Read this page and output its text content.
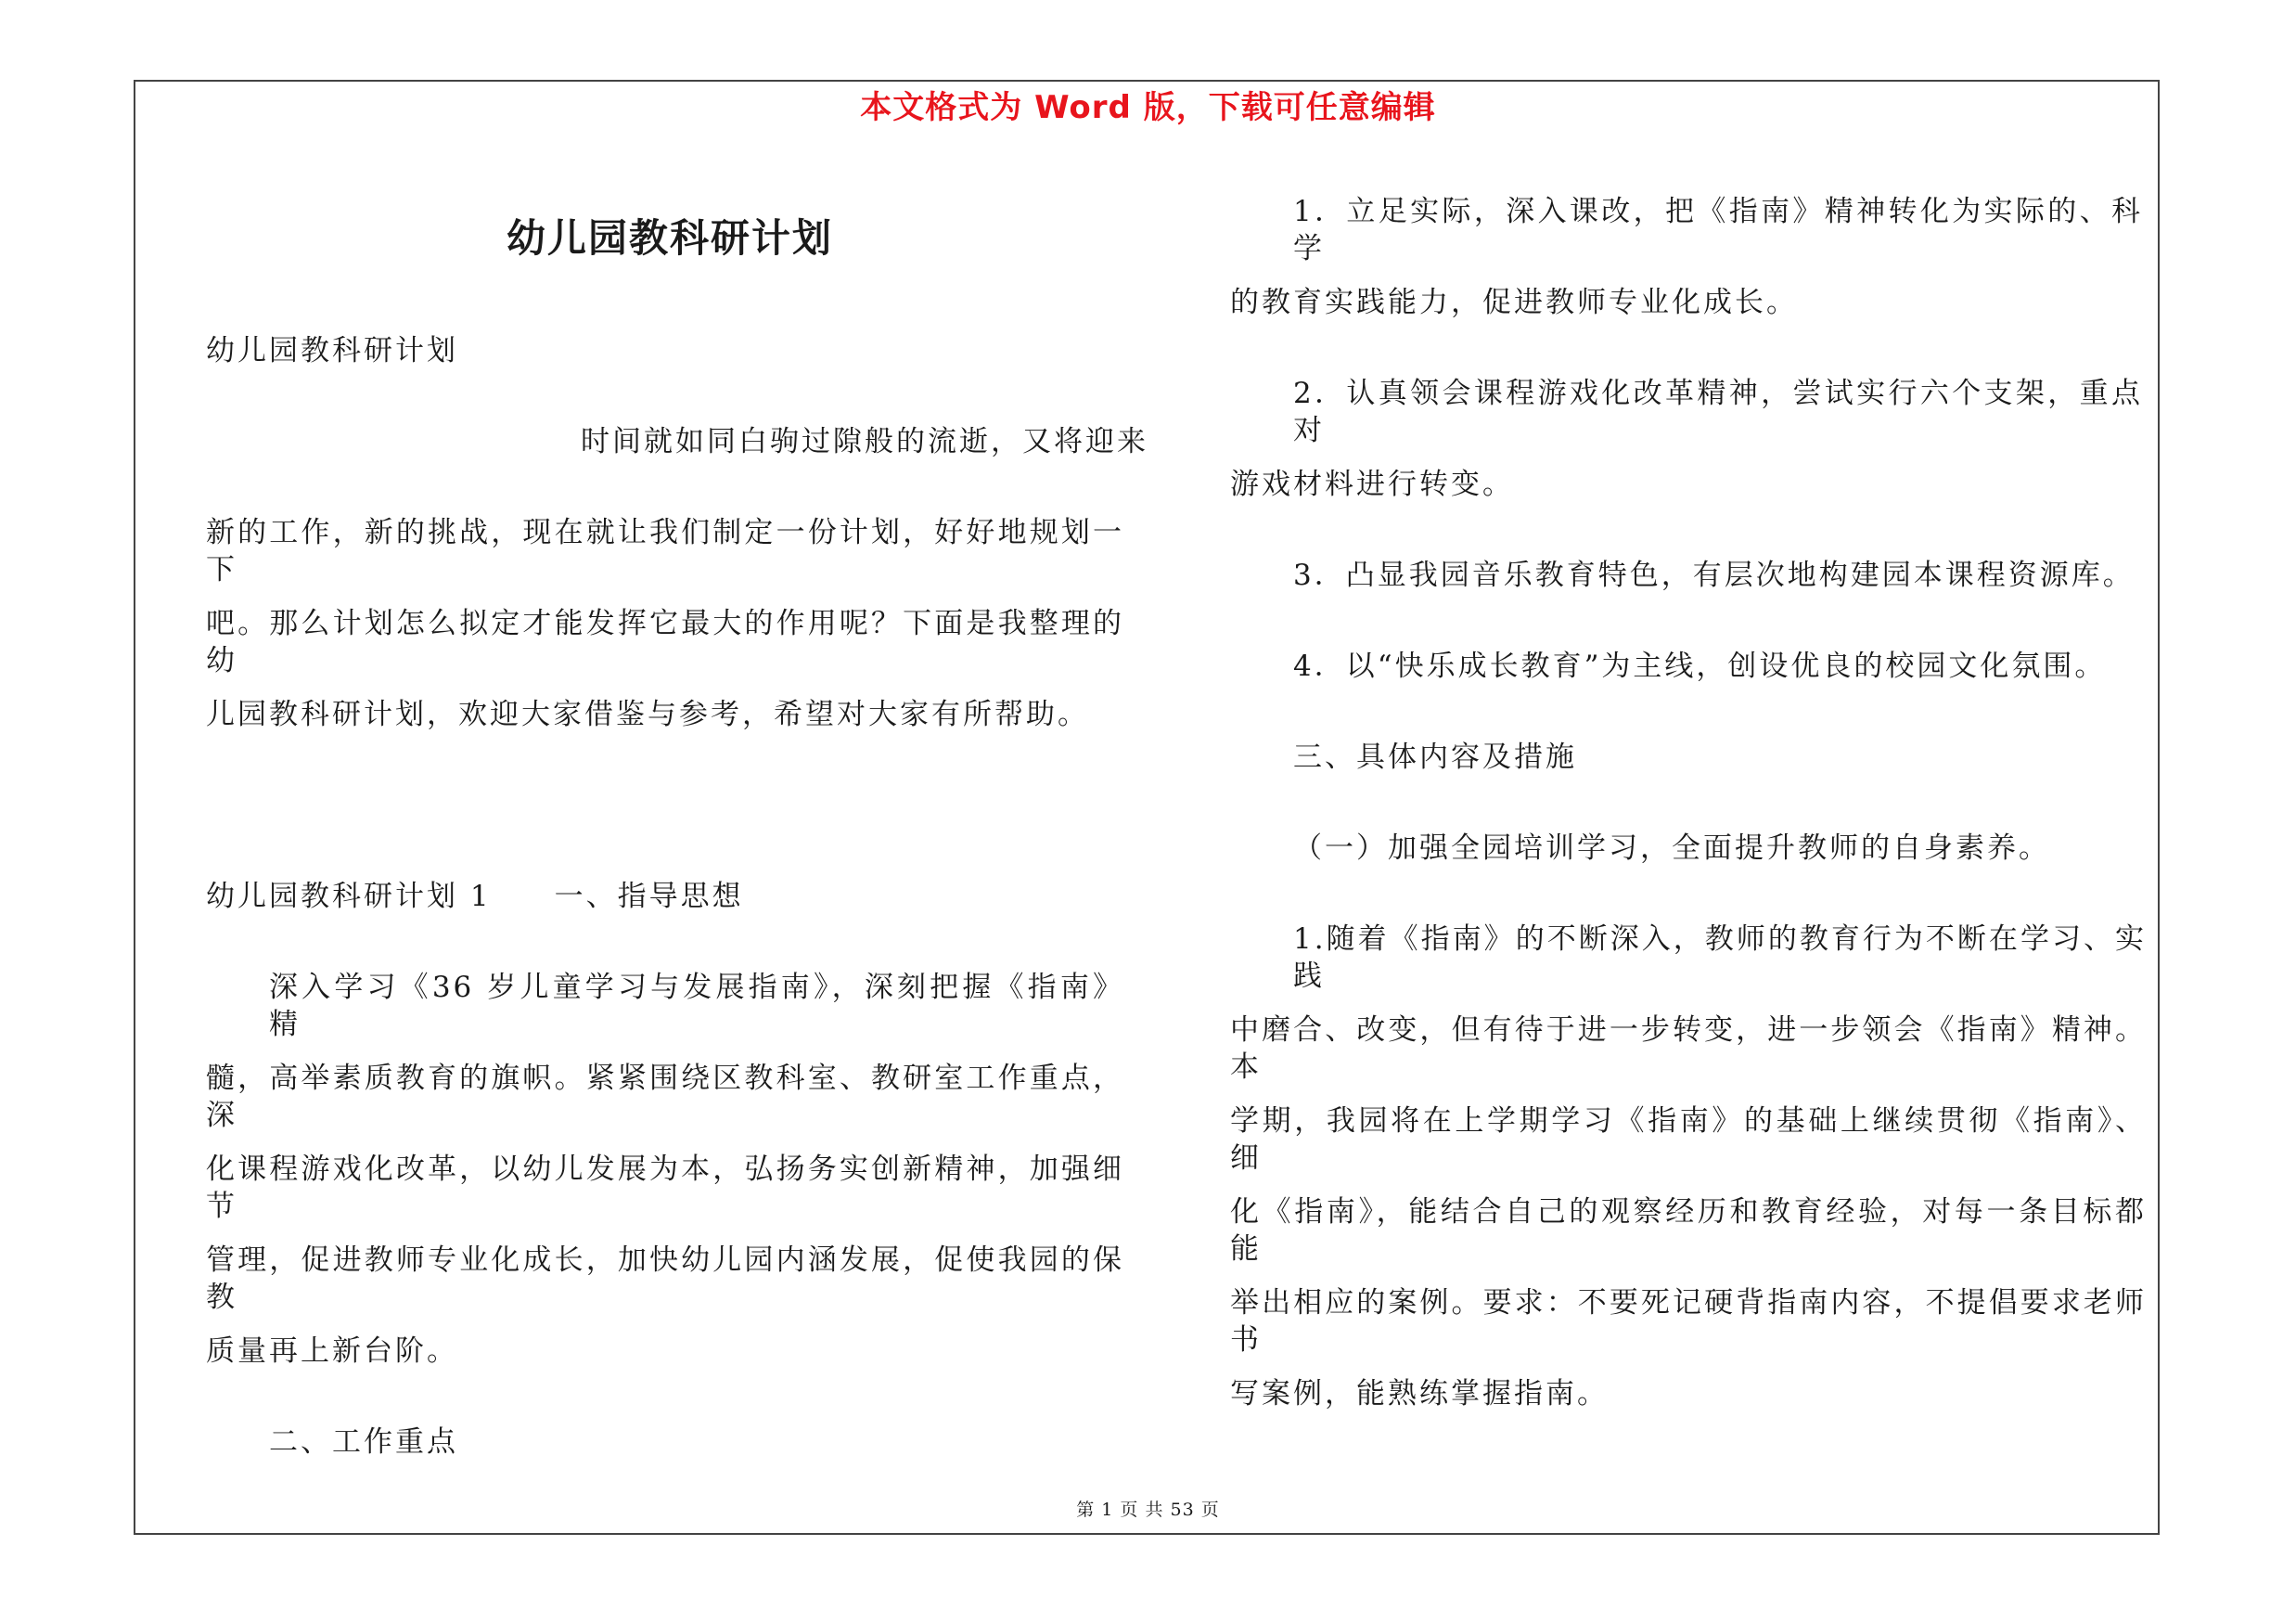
本文格式为 Word 版，下载可任意编辑
幼儿园教科研计划
幼儿园教科研计划
时间就如同白驹过隙般的流逝，又将迎来
新的工作，新的挑战，现在就让我们制定一份计划，好好地规划一下
吧。那么计划怎么拟定才能发挥它最大的作用呢？下面是我整理的幼
儿园教科研计划，欢迎大家借鉴与参考，希望对大家有所帮助。
幼儿园教科研计划 1　　一、指导思想
深入学习《36 岁儿童学习与发展指南》，深刻把握《指南》精
髓，高举素质教育的旗帜。紧紧围绕区教科室、教研室工作重点，深
化课程游戏化改革，以幼儿发展为本，弘扬务实创新精神，加强细节
管理，促进教师专业化成长，加快幼儿园内涵发展，促使我园的保教
质量再上新台阶。
二、工作重点
1．立足实际，深入课改，把《指南》精神转化为实际的、科学
的教育实践能力，促进教师专业化成长。
2．认真领会课程游戏化改革精神，尝试实行六个支架，重点对
游戏材料进行转变。
3．凸显我园音乐教育特色，有层次地构建园本课程资源库。
4．以“快乐成长教育”为主线，创设优良的校园文化氛围。
三、具体内容及措施
（一）加强全园培训学习，全面提升教师的自身素养。
1.随着《指南》的不断深入，教师的教育行为不断在学习、实践
中磨合、改变，但有待于进一步转变，进一步领会《指南》精神。本
学期，我园将在上学期学习《指南》的基础上继续贯彻《指南》、细
化《指南》，能结合自己的观察经历和教育经验，对每一条目标都能
举出相应的案例。要求：不要死记硬背指南内容，不提倡要求老师书
写案例，能熟练掌握指南。
第 1 页 共 53 页
